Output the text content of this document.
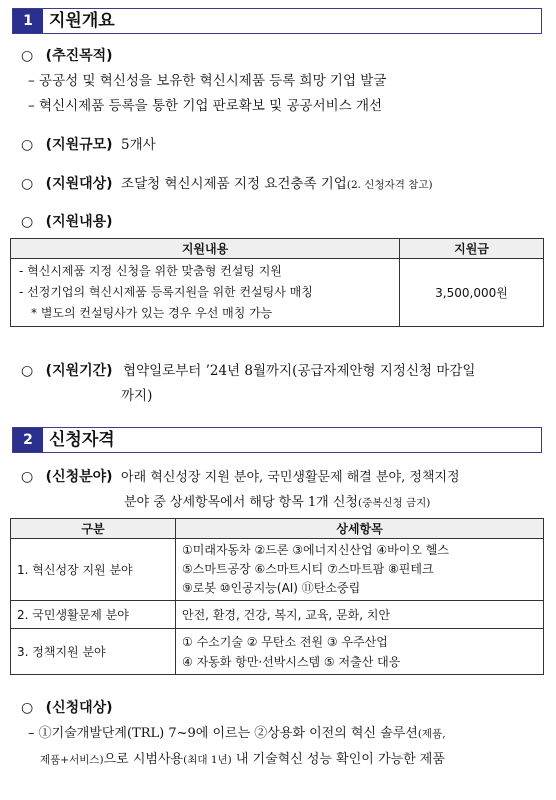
1 지원개요
○ (추진목적)
– 공공성 및 혁신성을 보유한 혁신시제품 등록 희망 기업 발굴
– 혁신시제품 등록을 통한 기업 판로확보 및 공공서비스 개선
○ (지원규모) 5개사
○ (지원대상) 조달청 혁신시제품 지정 요건충족 기업(2. 신청자격 참고)
○ (지원내용)
지원내용	지원금

- 혁신시제품 지정 신청을 위한 맞춤형 컨설팅 지원
- 선정기업의 혁신시제품 등록지원을 위한 컨설팅사 매칭
* 별도의 컨설팅사가 있는 경우 우선 매칭 가능	3,500,000원
○ (지원기간) 협약일로부터 ’24년 8월까지(공급자제안형 지정신청 마감일
까지)
2 신청자격
○ (신청분야) 아래 혁신성장 지원 분야, 국민생활문제 해결 분야, 정책지정
분야 중 상세항목에서 해당 항목 1개 신청(중복신청 금지)
구분	상세항목
1. 혁신성장 지원 분야	①미래자동차 ②드론 ③에너지신산업 ④바이오 헬스
⑤스마트공장 ⑥스마트시티 ⑦스마트팜 ⑧핀테크
⑨로봇 ⑩인공지능(AI) ⑪탄소중립

2. 국민생활문제 분야	안전, 환경, 건강, 복지, 교육, 문화, 치안

3. 정책지원 분야	① 수소기술 ② 무탄소 전원 ③ 우주산업
④ 자동화 항만·선박시스템 ⑤ 저출산 대응
○ (신청대상)
– ①기술개발단계(TRL) 7~9에 이르는 ②상용화 이전의 혁신 솔루션(제품,
제품+서비스)으로 시범사용(최대 1년) 내 기술혁신 성능 확인이 가능한 제품
